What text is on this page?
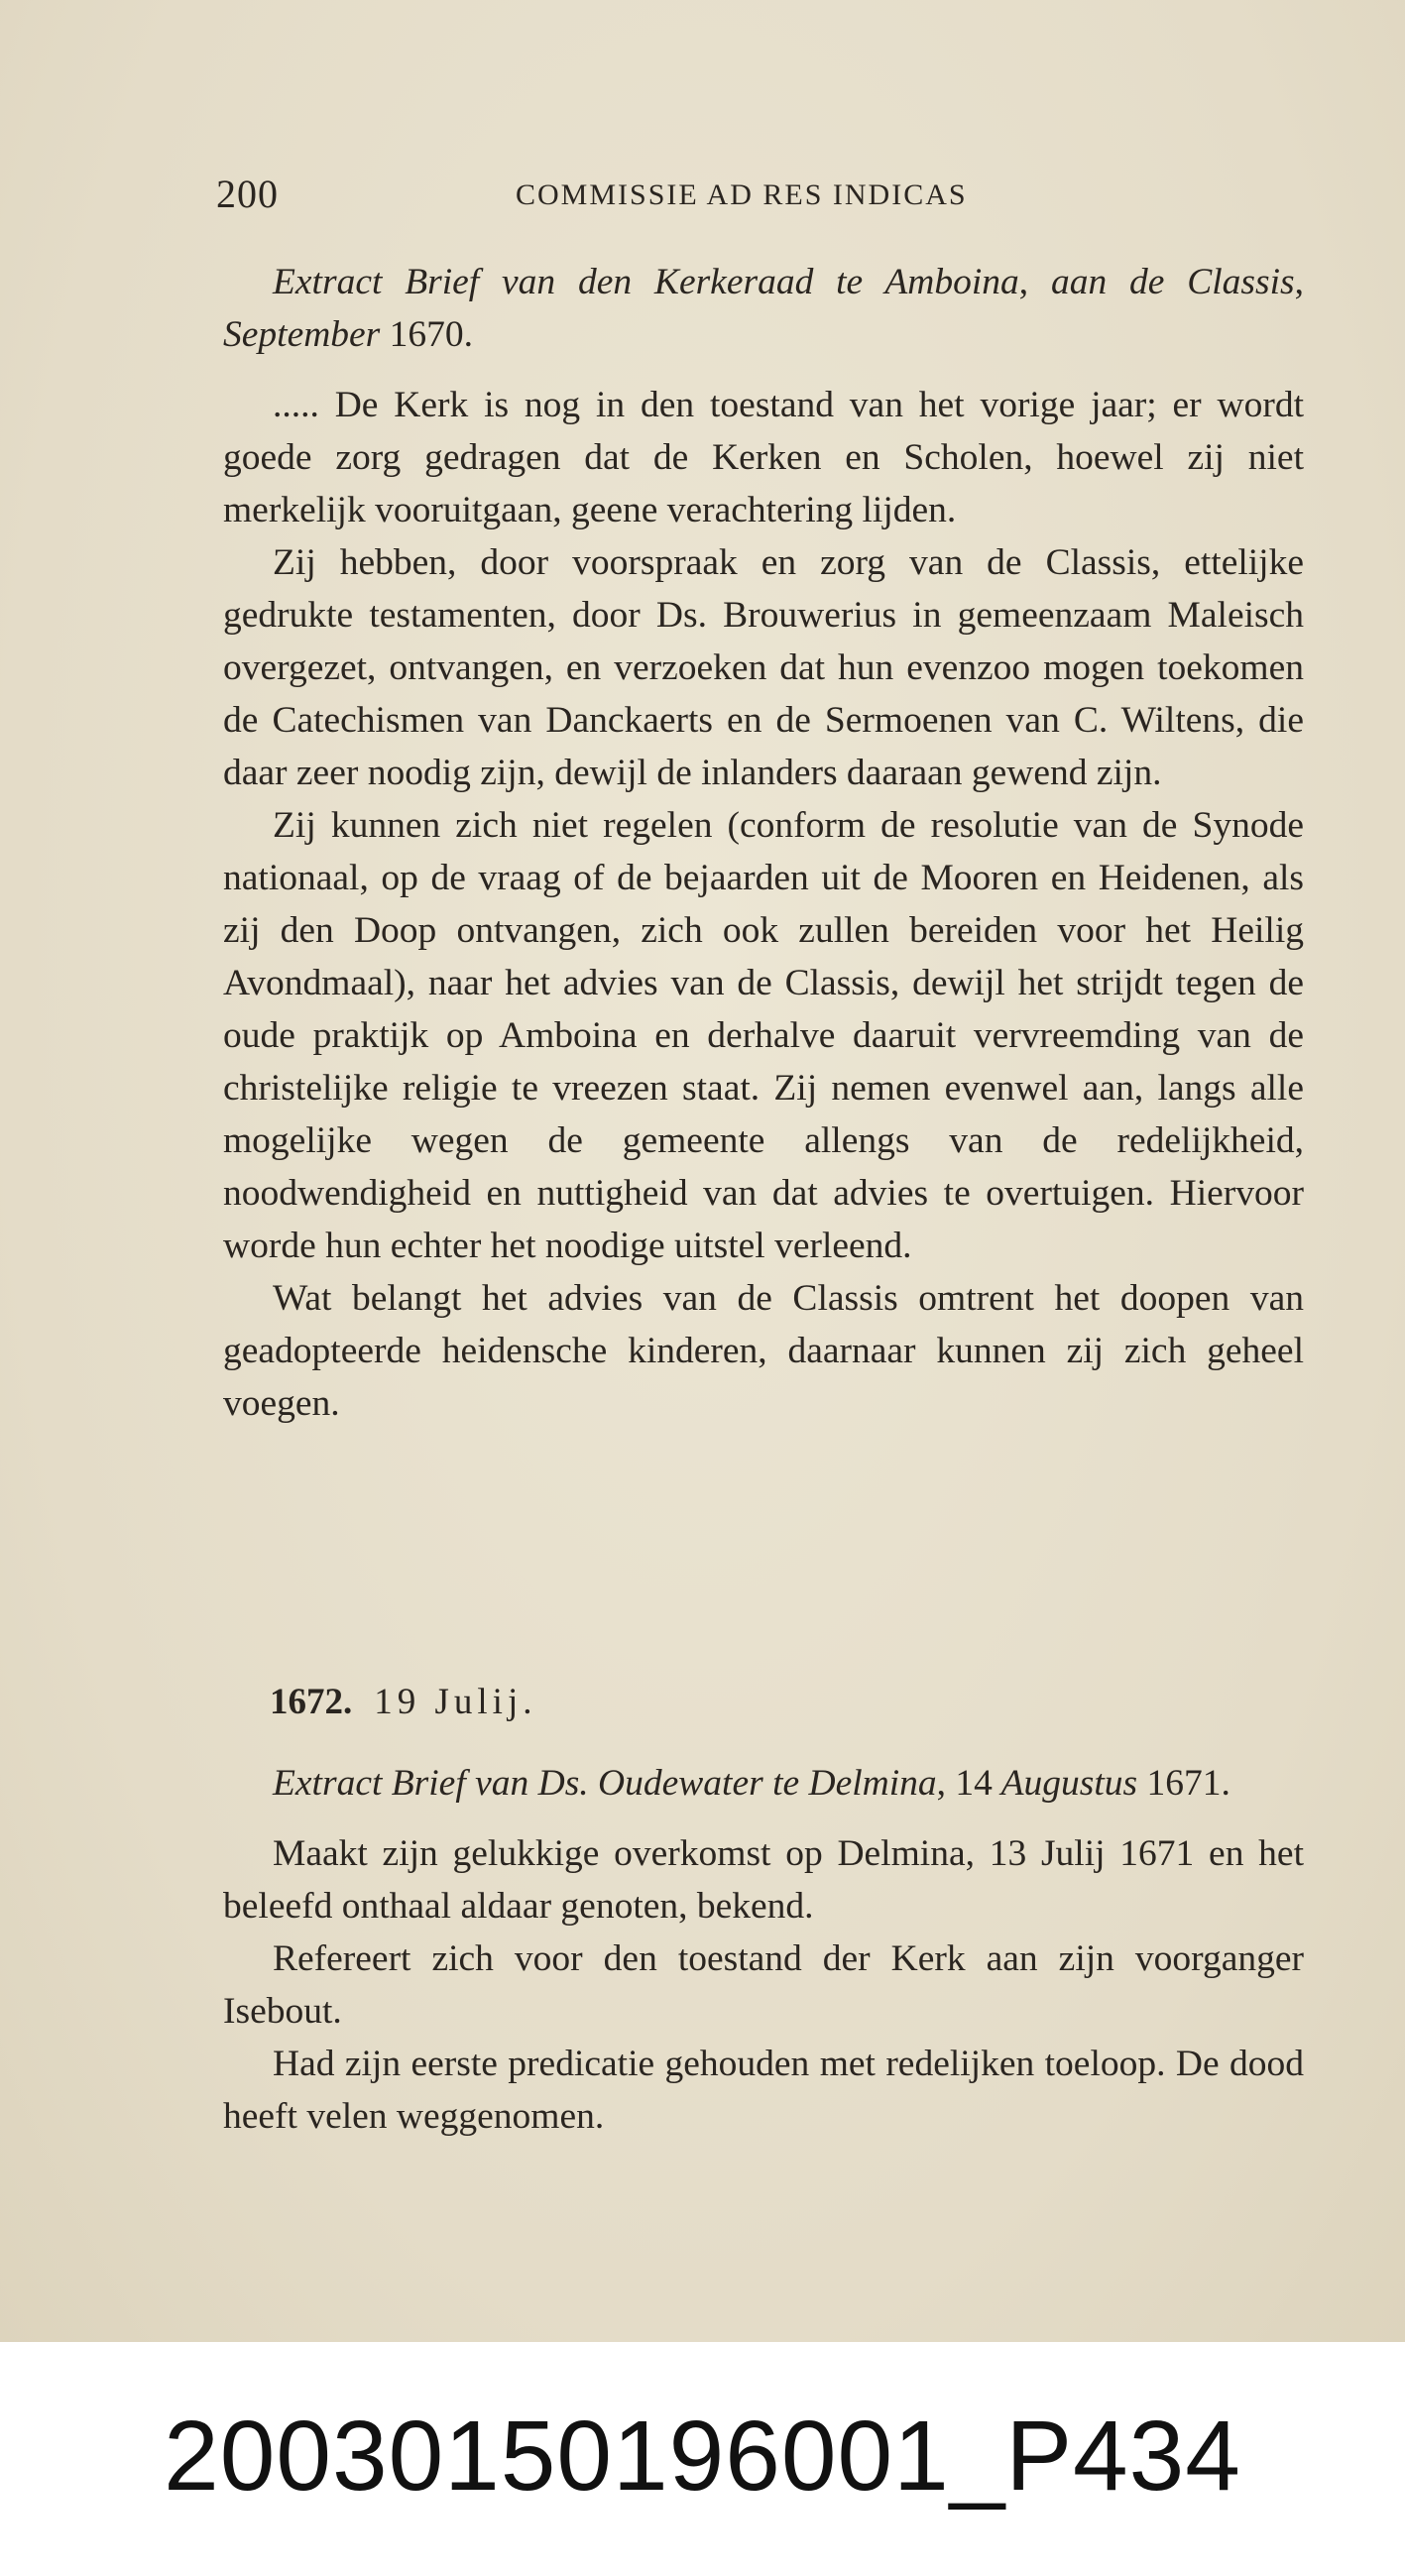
200	COMMISSIE AD RES INDICAS

Extract Brief van den Kerkeraad te Amboina, aan de Classis, September 1670.

..... De Kerk is nog in den toestand van het vorige jaar; er wordt goede zorg gedragen dat de Kerken en Scholen, hoewel zij niet merkelijk vooruitgaan, geene verachtering lijden.

Zij hebben, door voorspraak en zorg van de Classis, ettelijke gedrukte testamenten, door Ds. Brouwerius in gemeenzaam Maleisch overgezet, ontvangen, en verzoeken dat hun evenzoo mogen toekomen de Catechismen van Danckaerts en de Sermoenen van C. Wiltens, die daar zeer noodig zijn, dewijl de inlanders daaraan gewend zijn.

Zij kunnen zich niet regelen (conform de resolutie van de Synode nationaal, op de vraag of de bejaarden uit de Mooren en Heidenen, als zij den Doop ontvangen, zich ook zullen bereiden voor het Heilig Avondmaal), naar het advies van de Classis, dewijl het strijdt tegen de oude praktijk op Amboina en derhalve daaruit vervreemding van de christelijke religie te vreezen staat. Zij nemen evenwel aan, langs alle mogelijke wegen de gemeente allengs van de redelijkheid, noodwendigheid en nuttigheid van dat advies te overtuigen. Hiervoor worde hun echter het noodige uitstel verleend.

Wat belangt het advies van de Classis omtrent het doopen van geadopteerde heidensche kinderen, daarnaar kunnen zij zich geheel voegen.

1672. 19 Julij.

Extract Brief van Ds. Oudewater te Delmina, 14 Augustus 1671.

Maakt zijn gelukkige overkomst op Delmina, 13 Julij 1671 en het beleefd onthaal aldaar genoten, bekend.

Refereert zich voor den toestand der Kerk aan zijn voorganger Isebout.

Had zijn eerste predicatie gehouden met redelijken toeloop. De dood heeft velen weggenomen.

20030150196001_P434
